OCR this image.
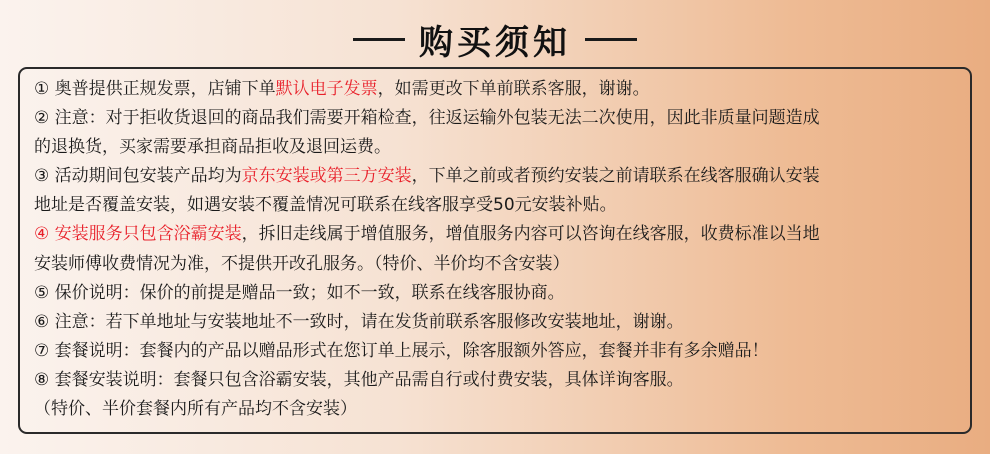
购买须知
① 奥普提供正规发票，店铺下单默认电子发票，如需更改下单前联系客服，谢谢。
② 注意：对于拒收货退回的商品我们需要开箱检查，往返运输外包装无法二次使用，因此非质量问题造成
的退换货，买家需要承担商品拒收及退回运费。
③ 活动期间包安装产品均为京东安装或第三方安装，下单之前或者预约安装之前请联系在线客服确认安装
地址是否覆盖安装，如遇安装不覆盖情况可联系在线客服享受50元安装补贴。
④ 安装服务只包含浴霸安装，拆旧走线属于增值服务，增值服务内容可以咨询在线客服，收费标准以当地
安装师傅收费情况为准，不提供开改孔服务。（特价、半价均不含安装）
⑤ 保价说明：保价的前提是赠品一致；如不一致，联系在线客服协商。
⑥ 注意：若下单地址与安装地址不一致时，请在发货前联系客服修改安装地址，谢谢。
⑦ 套餐说明：套餐内的产品以赠品形式在您订单上展示，除客服额外答应，套餐并非有多余赠品！
⑧ 套餐安装说明：套餐只包含浴霸安装，其他产品需自行或付费安装，具体详询客服。
（特价、半价套餐内所有产品均不含安装）
